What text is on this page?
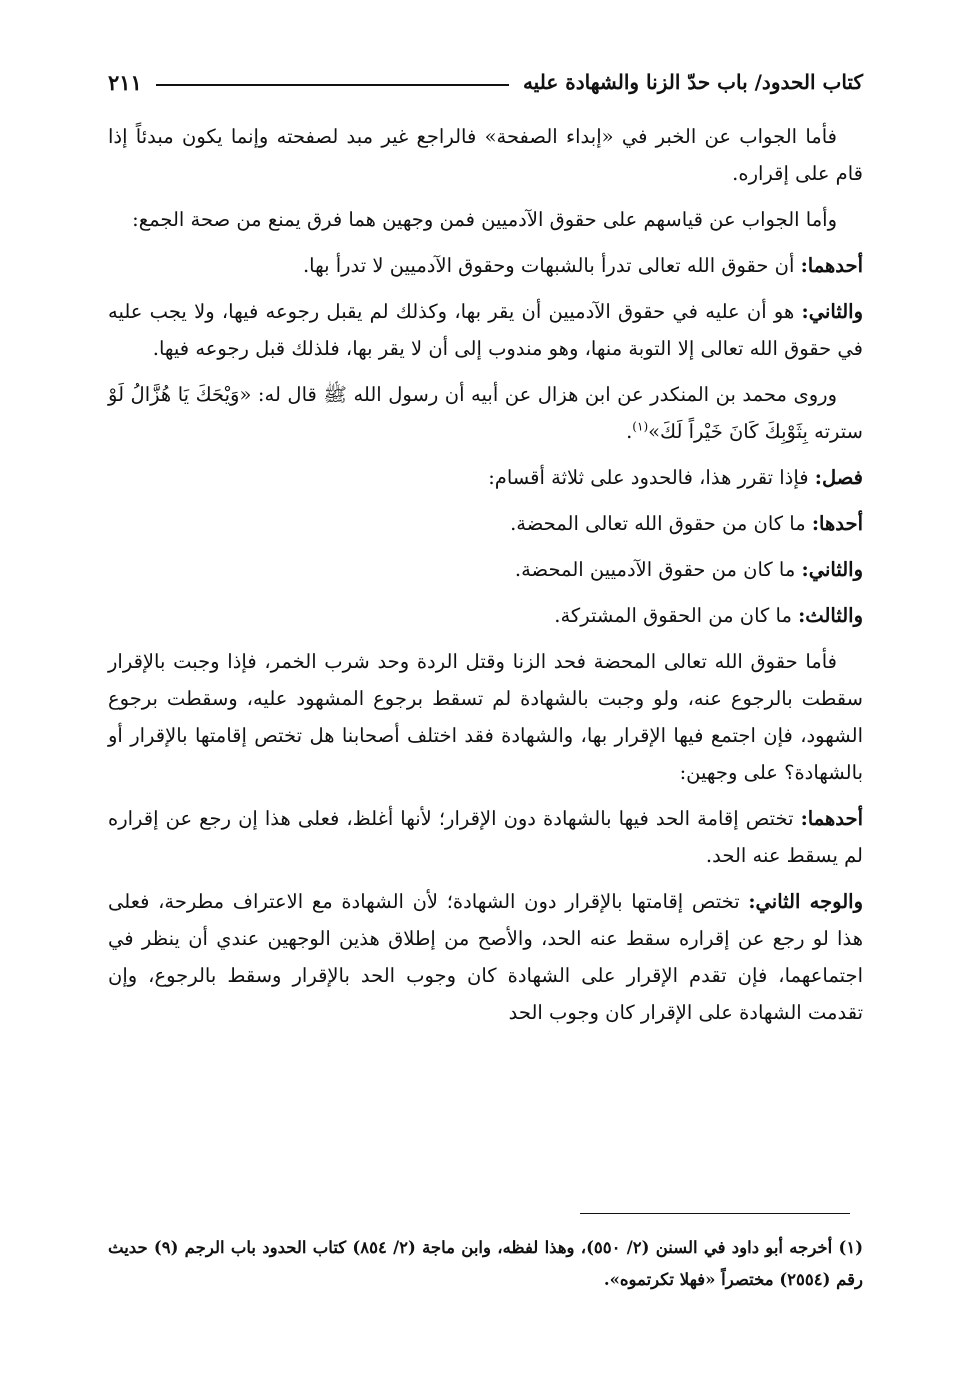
كتاب الحدود/ باب حدّ الزنا والشهادة عليه
٢١١

فأما الجواب عن الخبر في «إبداء الصفحة» فالراجع غير مبد لصفحته وإنما يكون مبدئاً إذا قام على إقراره.

وأما الجواب عن قياسهم على حقوق الآدميين فمن وجهين هما فرق يمنع من صحة الجمع:

أحدهما: أن حقوق الله تعالى تدرأ بالشبهات وحقوق الآدميين لا تدرأ بها.

والثاني: هو أن عليه في حقوق الآدميين أن يقر بها، وكذلك لم يقبل رجوعه فيها، ولا يجب عليه في حقوق الله تعالى إلا التوبة منها، وهو مندوب إلى أن لا يقر بها، فلذلك قبل رجوعه فيها.

وروى محمد بن المنكدر عن ابن هزال عن أبيه أن رسول الله ﷺ قال له: «وَيْحَكَ يَا هُزَّالُ لَوْ سترته بِثَوْبِكَ كَانَ خَيْراً لَكَ»$^{(١)}$.

فصل: فإذا تقرر هذا، فالحدود على ثلاثة أقسام:

أحدها: ما كان من حقوق الله تعالى المحضة.

والثاني: ما كان من حقوق الآدميين المحضة.

والثالث: ما كان من الحقوق المشتركة.

فأما حقوق الله تعالى المحضة فحد الزنا وقتل الردة وحد شرب الخمر، فإذا وجبت بالإقرار سقطت بالرجوع عنه، ولو وجبت بالشهادة لم تسقط برجوع المشهود عليه، وسقطت برجوع الشهود، فإن اجتمع فيها الإقرار بها، والشهادة فقد اختلف أصحابنا هل تختص إقامتها بالإقرار أو بالشهادة؟ على وجهين:

أحدهما: تختص إقامة الحد فيها بالشهادة دون الإقرار؛ لأنها أغلظ، فعلى هذا إن رجع عن إقراره لم يسقط عنه الحد.

والوجه الثاني: تختص إقامتها بالإقرار دون الشهادة؛ لأن الشهادة مع الاعتراف مطرحة، فعلى هذا لو رجع عن إقراره سقط عنه الحد، والأصح من إطلاق هذين الوجهين عندي أن ينظر في اجتماعهما، فإن تقدم الإقرار على الشهادة كان وجوب الحد بالإقرار وسقط بالرجوع، وإن تقدمت الشهادة على الإقرار كان وجوب الحد

(١) أخرجه أبو داود في السنن (٢/ ٥٥٠)، وهذا لفظه، وابن ماجة (٢/ ٨٥٤) كتاب الحدود باب الرجم (٩) حديث رقم (٢٥٥٤) مختصراً «فهلا تكرتموه».
